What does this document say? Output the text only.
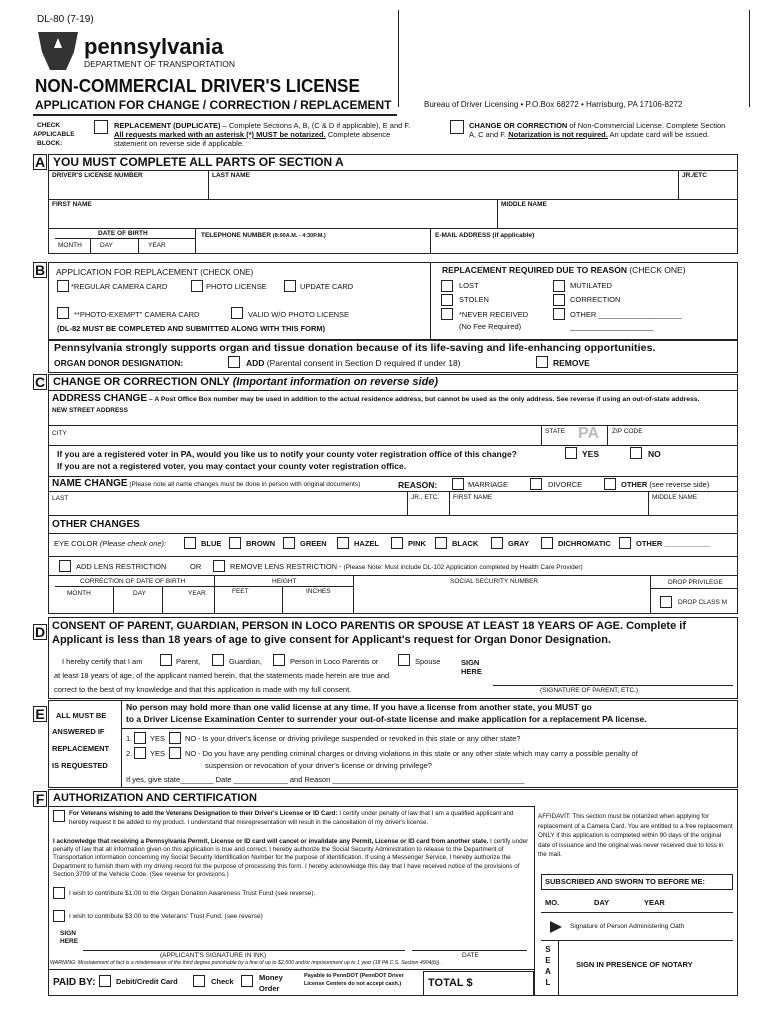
DL-80 (7-19)
pennsylvania
DEPARTMENT OF TRANSPORTATION
NON-COMMERCIAL DRIVER'S LICENSE
APPLICATION FOR CHANGE / CORRECTION / REPLACEMENT	Bureau of Driver Licensing • P.O.Box 68272 • Harrisburg, PA 17106-8272
CHECK
APPLICABLE
BLOCK:
REPLACEMENT (DUPLICATE) – Complete Sections A, B, (C & D if applicable), E and F.
All requests marked with an asterisk (*) MUST be notarized. Complete absence
statement on reverse side if applicable.
CHANGE OR CORRECTION of Non-Commercial License. Complete Section
A, C and F. Notarization is not required. An update card will be issued.
A YOU MUST COMPLETE ALL PARTS OF SECTION A
DRIVER'S LICENSE NUMBER	LAST NAME	JR./ETC
FIRST NAME	MIDDLE NAME
DATE OF BIRTH
MONTH	DAY	YEAR
TELEPHONE NUMBER (8:00A.M. - 4:30P.M.)	E-MAIL ADDRESS (if applicable)
B APPLICATION FOR REPLACEMENT (CHECK ONE)
*REGULAR CAMERA CARD	PHOTO LICENSE	UPDATE CARD
**PHOTO-EXEMPT" CAMERA CARD	VALID W/O PHOTO LICENSE
(DL-82 MUST BE COMPLETED AND SUBMITTED ALONG WITH THIS FORM)
REPLACEMENT REQUIRED DUE TO REASON (CHECK ONE)
LOST	MUTILATED
STOLEN	CORRECTION
*NEVER RECEIVED	OTHER ____________________
(No Fee Required)	____________________
Pennsylvania strongly supports organ and tissue donation because of its life-saving and life-enhancing opportunities.
ORGAN DONOR DESIGNATION:	ADD (Parental consent in Section D required if under 18)	REMOVE
C CHANGE OR CORRECTION ONLY (Important information on reverse side)
ADDRESS CHANGE – A Post Office Box number may be used in addition to the actual residence address, but cannot be used as the only address. See reverse if using an out-of-state address.
NEW STREET ADDRESS
CITY	STATE PA ZIP CODE
If you are a registered voter in PA, would you like us to notify your county voter registration office of this change?
If you are not a registered voter, you may contact your county voter registration office.
YES	NO
NAME CHANGE (Please note all name changes must be done in person with original documents)	REASON:	MARRIAGE	DIVORCE	OTHER (see reverse side)
LAST	JR., ETC. FIRST NAME	MIDDLE NAME
OTHER CHANGES
EYE COLOR (Please check one):	BLUE	BROWN	GREEN	HAZEL	PINK	BLACK	GRAY	DICHROMATIC	OTHER ___________
ADD LENS RESTRICTION	OR	REMOVE LENS RESTRICTION - (Please Note: Must include DL-102 Application completed by Health Care Provider)
CORRECTION OF DATE OF BIRTH	HEIGHT	SOCIAL SECURITY NUMBER	DROP PRIVILEGE
MONTH	DAY	YEAR	FEET	INCHES
DROP CLASS M
D CONSENT OF PARENT, GUARDIAN, PERSON IN LOCO PARENTIS OR SPOUSE AT LEAST 18 YEARS OF AGE. Complete if
Applicant is less than 18 years of age to give consent for Applicant's request for Organ Donor Designation.
I hereby certify that I am	Parent,	Guardian,	Person in Loco Parentis or	Spouse
at least 18 years of age, of the applicant named herein, that the statements made herein are true and
correct to the best of my knowledge and that this application is made with my full consent.
SIGN
HERE
(SIGNATURE OF PARENT, ETC.)
E	ALL MUST BE
ANSWERED IF
REPLACEMENT
IS REQUESTED
No person may hold more than one valid license at any time. If you have a license from another state, you MUST go
to a Driver License Examination Center to surrender your out-of-state license and make application for a replacement PA license.
1. YES	NO - Is your driver's license or driving privilege suspended or revoked in this state or any other state?
2. YES	NO - Do you have any pending criminal charges or driving violations in this state or any other state which may carry a possible penalty of
suspension or revocation of your driver's license or driving privilege?
If yes, give state________ Date _____________ and Reason ______________________________________________
F AUTHORIZATION AND CERTIFICATION
For Veterans wishing to add the Veterans Designation to their Driver's License or ID Card: I certify under penalty of law that I am a qualified applicant and hereby request it be added to my product. I understand that misrepresentation will result in the cancellation of my driver's license.
I acknowledge that receiving a Pennsylvania Permit, License or ID card will cancel or invalidate any Permit, License or ID card from another state. I certify under penalty of law that all information given on this application is true and correct. I hereby authorize the Social Security Administration to release to the Department of Transportation information concerning my Social Security Identification Number for the purpose of identification. If using a Messenger Service, I hereby authorize the Department to furnish them with my driving record for the purpose of processing this form. I hereby acknowledge this day that I have received notice of the provisions of Section 3709 of the Vehicle Code. (See reverse for provisions.)
I wish to contribute $1.00 to the Organ Donation Awareness Trust Fund (see reverse).
I wish to contribute $3.00 to the Veterans' Trust Fund. (see reverse)
SIGN
HERE
(APPLICANT'S SIGNATURE IN INK)	DATE
WARNING: Misstatement of fact is a misdemeanor of the third degree punishable by a fine of up to $2,500 and/or imprisonment up to 1 year (18 PA C.S. Section 4904(b)).
PAID BY:	Debit/Credit Card	Check	Money
Order
Payable to PennDOT (PennDOT Driver
License Centers do not accept cash.) TOTAL $
AFFIDAVIT: This section must be notarized when applying for replacement of a Camera Card. You are entitled to a free replacement ONLY if this application is completed within 90 days of the original date of issuance and the original was never received due to loss in the mail.
SUBSCRIBED AND SWORN TO BEFORE ME:
MO.	DAY	YEAR
Signature of Person Administering Oath
S
E
A
L
SIGN IN PRESENCE OF NOTARY
